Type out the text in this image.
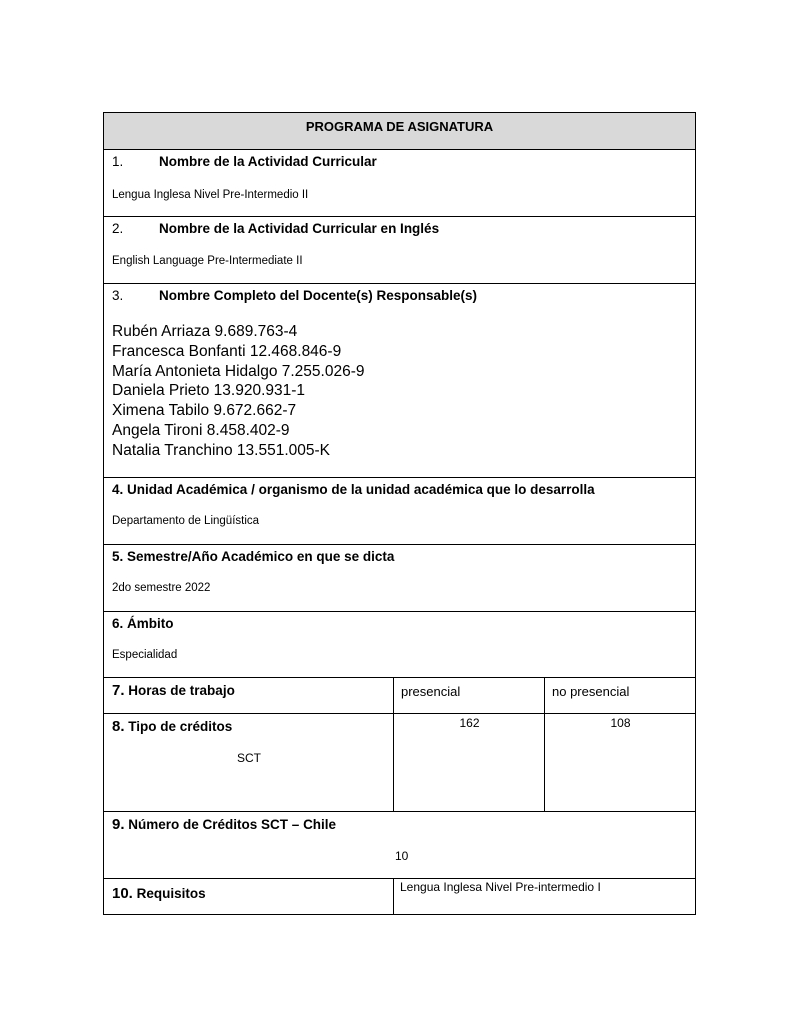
PROGRAMA DE ASIGNATURA
1.	Nombre de la Actividad Curricular
Lengua Inglesa Nivel Pre-Intermedio II
2.	Nombre de la Actividad Curricular en Inglés
English Language Pre-Intermediate II
3.	Nombre Completo del Docente(s) Responsable(s)
Rubén Arriaza 9.689.763-4
Francesca Bonfanti 12.468.846-9
María Antonieta Hidalgo 7.255.026-9
Daniela Prieto 13.920.931-1
Ximena Tabilo 9.672.662-7
Angela Tironi 8.458.402-9
Natalia Tranchino 13.551.005-K
4. Unidad Académica / organismo de la unidad académica que lo desarrolla
Departamento de Lingüística
5. Semestre/Año Académico en que se dicta
2do semestre 2022
6. Ámbito
Especialidad
7. Horas de trabajo	presencial	no presencial
8. Tipo de créditos
SCT
162	108
9. Número de Créditos SCT – Chile
10
10. Requisitos	Lengua Inglesa Nivel Pre-intermedio I
